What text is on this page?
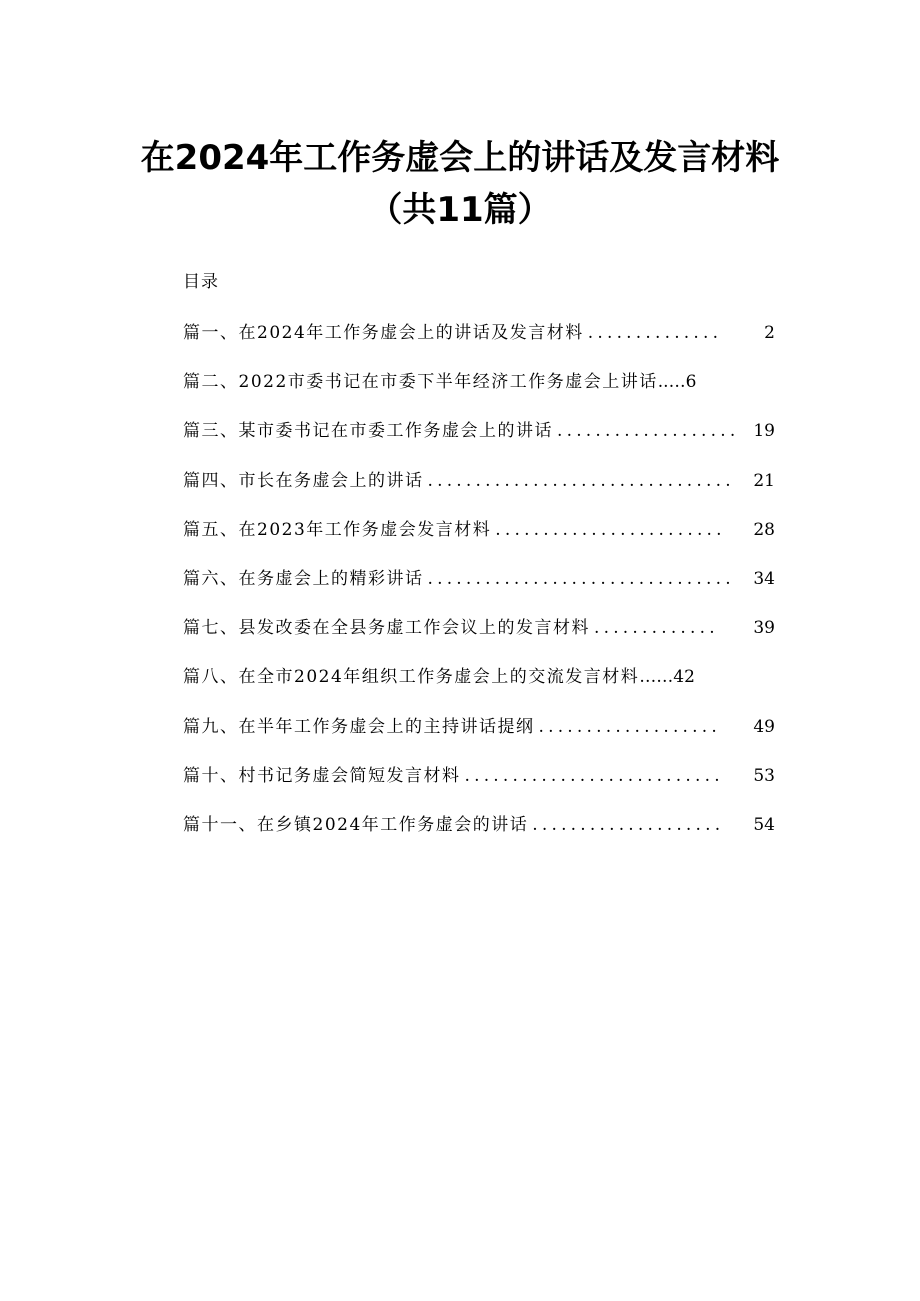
在2024年工作务虚会上的讲话及发言材料
（共11篇）
目录
篇一、在2024年工作务虚会上的讲话及发言材料 ..............	2
篇二、2022市委书记在市委下半年经济工作务虚会上讲话 ..… 6
篇三、某市委书记在市委工作务虚会上的讲话 ................... 19
篇四、市长在务虚会上的讲话 ................................	21
篇五、在2023年工作务虚会发言材料 ........................	28
篇六、在务虚会上的精彩讲话 ................................	34
篇七、县发改委在全县务虚工作会议上的发言材料 .............	39
篇八、在全市2024年组织工作务虚会上的交流发言材料 …… 42
篇九、在半年工作务虚会上的主持讲话提纲 ...................	49
篇十、村书记务虚会简短发言材料 ...........................	53
篇十一、在乡镇2024年工作务虚会的讲话 ....................	54
